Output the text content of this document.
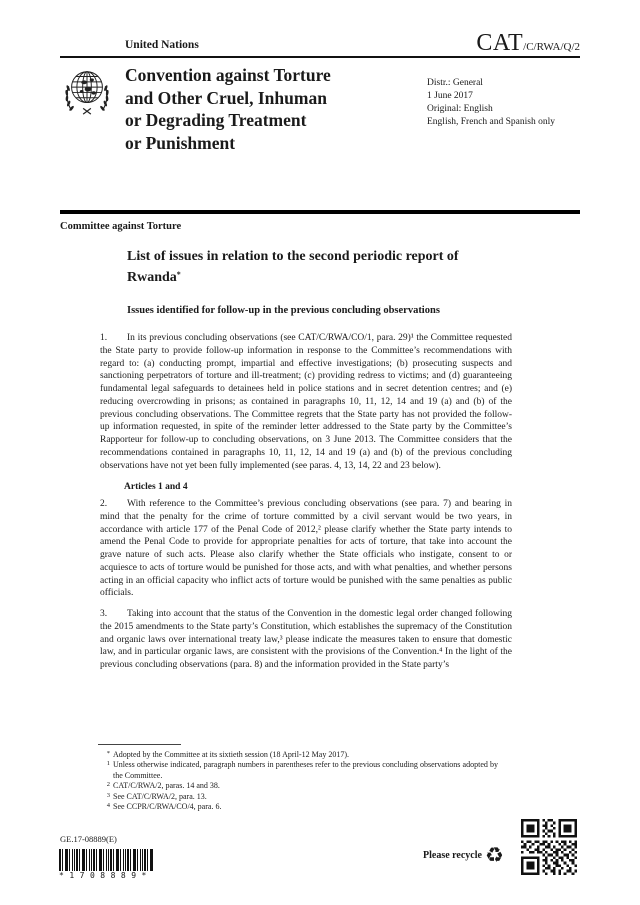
United Nations	CAT/C/RWA/Q/2
Convention against Torture
and Other Cruel, Inhuman
or Degrading Treatment
or Punishment
Distr.: General
1 June 2017
Original: English
English, French and Spanish only
Committee against Torture
List of issues in relation to the second periodic report of Rwanda*
Issues identified for follow-up in the previous concluding observations

1. In its previous concluding observations (see CAT/C/RWA/CO/1, para. 29)¹ the Committee requested the State party to provide follow-up information in response to the Committee’s recommendations with regard to: (a) conducting prompt, impartial and effective investigations; (b) prosecuting suspects and sanctioning perpetrators of torture and ill-treatment; (c) providing redress to victims; and (d) guaranteeing fundamental legal safeguards to detainees held in police stations and in secret detention centres; and (e) reducing overcrowding in prisons; as contained in paragraphs 10, 11, 12, 14 and 19 (a) and (b) of the previous concluding observations. The Committee regrets that the State party has not provided the follow-up information requested, in spite of the reminder letter addressed to the State party by the Committee’s Rapporteur for follow-up to concluding observations, on 3 June 2013. The Committee considers that the recommendations contained in paragraphs 10, 11, 12, 14 and 19 (a) and (b) of the previous concluding observations have not yet been fully implemented (see paras. 4, 13, 14, 22 and 23 below).

Articles 1 and 4

2. With reference to the Committee’s previous concluding observations (see para. 7) and bearing in mind that the penalty for the crime of torture committed by a civil servant would be two years, in accordance with article 177 of the Penal Code of 2012,² please clarify whether the State party intends to amend the Penal Code to provide for appropriate penalties for acts of torture, that take into account the grave nature of such acts. Please also clarify whether the State officials who instigate, consent to or acquiesce to acts of torture would be punished for those acts, and with what penalties, and whether persons acting in an official capacity who inflict acts of torture would be punished with the same penalties as public officials.

3. Taking into account that the status of the Convention in the domestic legal order changed following the 2015 amendments to the State party’s Constitution, which establishes the supremacy of the Constitution and organic laws over international treaty law,³ please indicate the measures taken to ensure that domestic law, and in particular organic laws, are consistent with the provisions of the Convention.⁴ In the light of the previous concluding observations (para. 8) and the information provided in the State party’s

* Adopted by the Committee at its sixtieth session (18 April-12 May 2017).
1 Unless otherwise indicated, paragraph numbers in parentheses refer to the previous concluding observations adopted by the Committee.
2 CAT/C/RWA/2, paras. 14 and 38.
3 See CAT/C/RWA/2, para. 13.
4 See CCPR/C/RWA/CO/4, para. 6.
GE.17-08889(E)
*1708889*
Please recycle ♻
